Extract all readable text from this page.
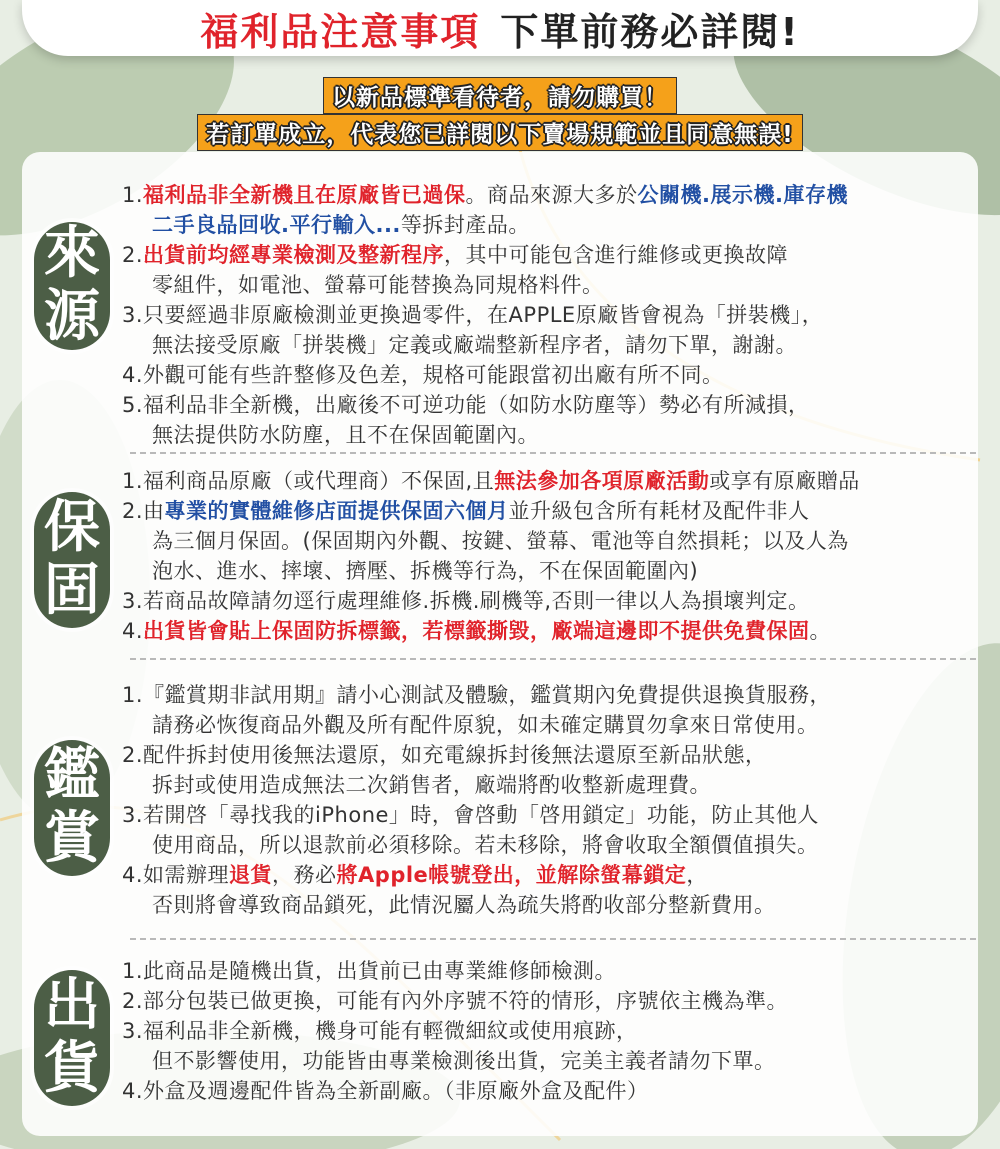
福利品注意事項 下單前務必詳閱!
以新品標準看待者，請勿購買！
若訂單成立，代表您已詳閱以下賣場規範並且同意無誤!
來
源
1.福利品非全新機且在原廠皆已過保。商品來源大多於公關機.展示機.庫存機
二手良品回收.平行輸入...等拆封產品。
2.出貨前均經專業檢測及整新程序，其中可能包含進行維修或更換故障
零組件，如電池、螢幕可能替換為同規格料件。
3.只要經過非原廠檢測並更換過零件，在APPLE原廠皆會視為「拼裝機」，
無法接受原廠「拼裝機」定義或廠端整新程序者，請勿下單，謝謝。
4.外觀可能有些許整修及色差，規格可能跟當初出廠有所不同。
5.福利品非全新機，出廠後不可逆功能（如防水防塵等）勢必有所減損，
無法提供防水防塵，且不在保固範圍內。
保
固
1.福利商品原廠（或代理商）不保固,且無法參加各項原廠活動或享有原廠贈品
2.由專業的實體維修店面提供保固六個月並升級包含所有耗材及配件非人
為三個月保固。(保固期內外觀、按鍵、螢幕、電池等自然損耗；以及人為
泡水、進水、摔壞、擠壓、拆機等行為，不在保固範圍內)
3.若商品故障請勿逕行處理維修.拆機.刷機等,否則一律以人為損壞判定。
4.出貨皆會貼上保固防拆標籤，若標籤撕毀，廠端這邊即不提供免費保固。
鑑
賞
1.『鑑賞期非試用期』請小心測試及體驗，鑑賞期內免費提供退換貨服務，
請務必恢復商品外觀及所有配件原貌，如未確定購買勿拿來日常使用。
2.配件拆封使用後無法還原，如充電線拆封後無法還原至新品狀態，
拆封或使用造成無法二次銷售者，廠端將酌收整新處理費。
3.若開啓「尋找我的iPhone」時，會啓動「啓用鎖定」功能，防止其他人
使用商品，所以退款前必須移除。若未移除，將會收取全額價值損失。
4.如需辦理退貨，務必將Apple帳號登出，並解除螢幕鎖定，
否則將會導致商品鎖死，此情況屬人為疏失將酌收部分整新費用。
出
貨
1.此商品是隨機出貨，出貨前已由專業維修師檢測。
2.部分包裝已做更換，可能有內外序號不符的情形，序號依主機為準。
3.福利品非全新機，機身可能有輕微細紋或使用痕跡，
但不影響使用，功能皆由專業檢測後出貨，完美主義者請勿下單。
4.外盒及週邊配件皆為全新副廠。（非原廠外盒及配件）
